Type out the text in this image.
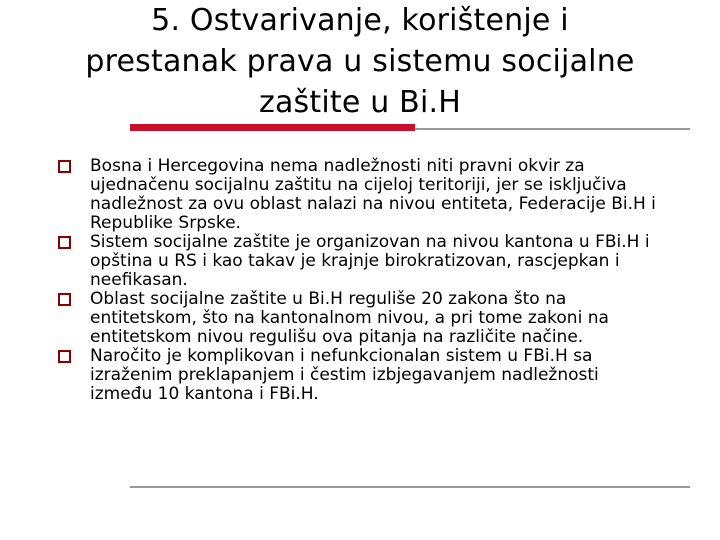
5. Ostvarivanje, korištenje i
prestanak prava u sistemu socijalne
zaštite u Bi.H
Bosna i Hercegovina nema nadležnosti niti pravni okvir za ujednačenu socijalnu zaštitu na cijeloj teritoriji, jer se isključiva nadležnost za ovu oblast nalazi na nivou entiteta, Federacije Bi.H i Republike Srpske.
Sistem socijalne zaštite je organizovan na nivou kantona u FBi.H i opština u RS i kao takav je krajnje birokratizovan, rascjepkan i neefikasan.
Oblast socijalne zaštite u Bi.H reguliše 20 zakona što na entitetskom, što na kantonalnom nivou, a pri tome zakoni na entitetskom nivou regulišu ova pitanja na različite načine.
Naročito je komplikovan i nefunkcionalan sistem u FBi.H sa izraženim preklapanjem i čestim izbjegavanjem nadležnosti između 10 kantona i FBi.H.
